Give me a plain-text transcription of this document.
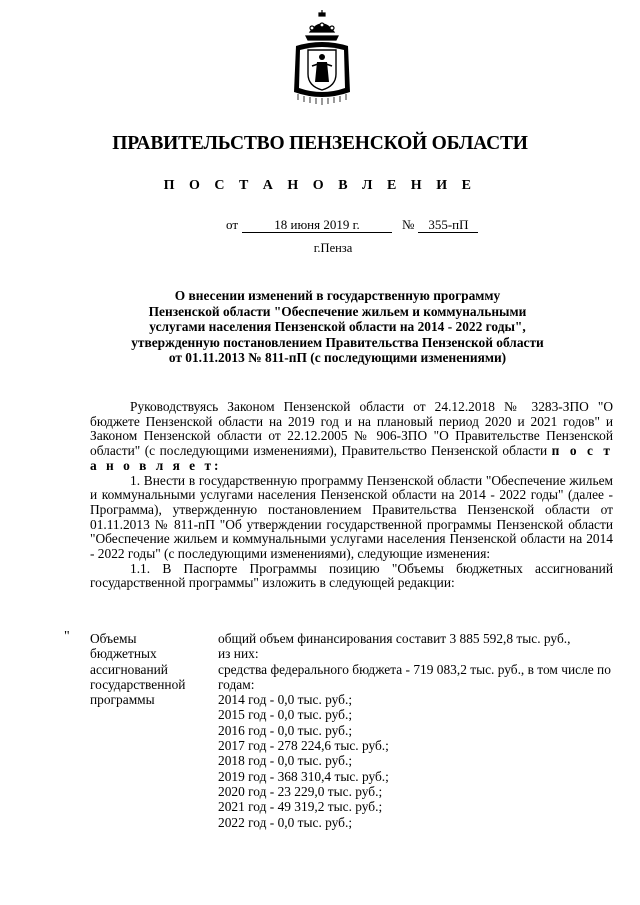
ПРАВИТЕЛЬСТВО ПЕНЗЕНСКОЙ ОБЛАСТИ
П О С Т А Н О В Л Е Н И Е
от	18 июня 2019 г.	№ 355-пП
г.Пенза
О внесении изменений в государственную программу
Пензенской области "Обеспечение жильем и коммунальными
услугами населения Пензенской области на 2014 - 2022 годы",
утвержденную постановлением Правительства Пензенской области
от 01.11.2013 № 811-пП (с последующими изменениями)

Руководствуясь Законом Пензенской области от 24.12.2018 № 3283-ЗПО "О бюджете Пензенской области на 2019 год и на плановый период 2020 и 2021 годов" и Законом Пензенской области от 22.12.2005 № 906-ЗПО "О Правительстве Пензенской области" (с последующими изменениями), Правительство Пензенской области п о с т а н о в л я е т:

1. Внести в государственную программу Пензенской области "Обеспечение жильем и коммунальными услугами населения Пензенской области на 2014 - 2022 годы" (далее - Программа), утвержденную постановлением Правительства Пензенской области от 01.11.2013 № 811-пП "Об утверждении государственной программы Пензенской области "Обеспечение жильем и коммунальными услугами населения Пензенской области на 2014 - 2022 годы" (с последующими изменениями), следующие изменения:

1.1. В Паспорте Программы позицию "Объемы бюджетных ассигнований государственной программы" изложить в следующей редакции:

" Объемы
бюджетных
ассигнований
государственной
программы
общий объем финансирования составит 3 885 592,8 тыс. руб.,
из них:
средства федерального бюджета - 719 083,2 тыс. руб., в том числе по годам:
2014 год - 0,0 тыс. руб.;
2015 год - 0,0 тыс. руб.;
2016 год - 0,0 тыс. руб.;
2017 год - 278 224,6 тыс. руб.;
2018 год - 0,0 тыс. руб.;
2019 год - 368 310,4 тыс. руб.;
2020 год - 23 229,0 тыс. руб.;
2021 год - 49 319,2 тыс. руб.;
2022 год - 0,0 тыс. руб.;
